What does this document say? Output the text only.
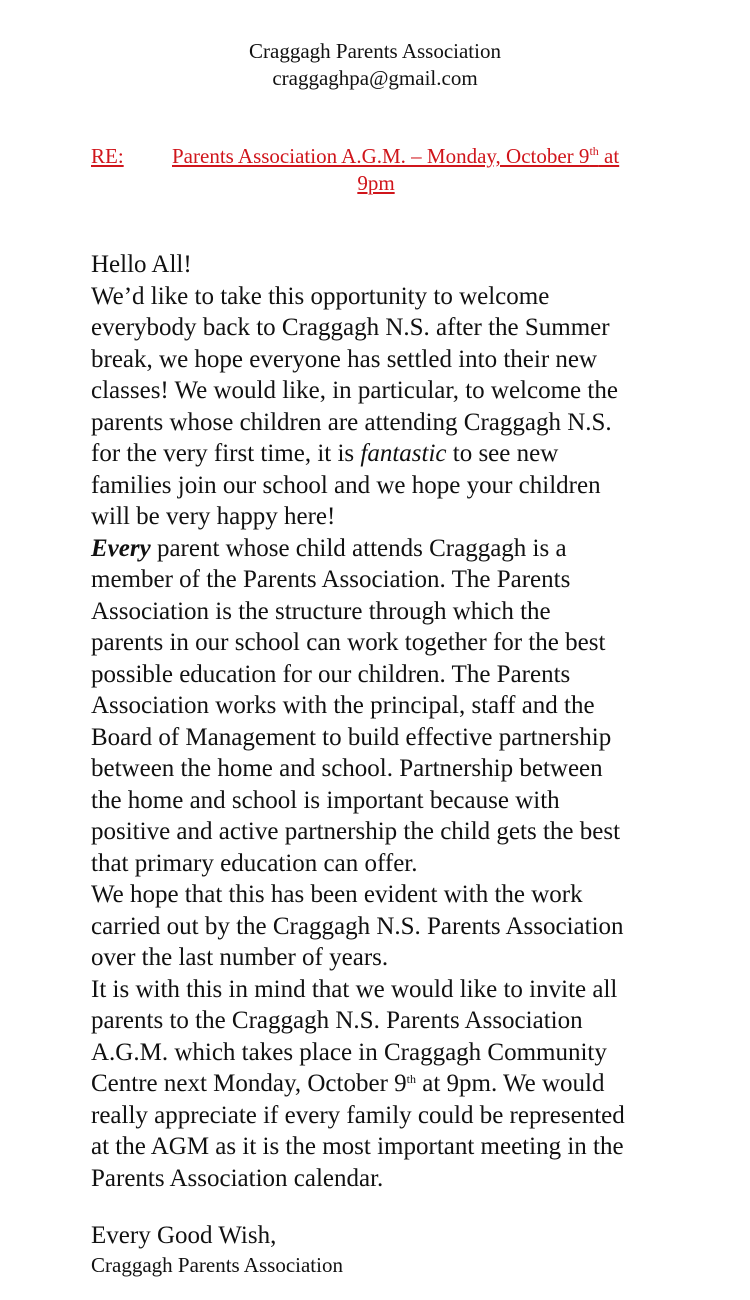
Craggagh Parents Association
craggaghpa@gmail.com
RE: Parents Association A.G.M. – Monday, October 9th at
9pm
Hello All!
We’d like to take this opportunity to welcome
everybody back to Craggagh N.S. after the Summer
break, we hope everyone has settled into their new
classes! We would like, in particular, to welcome the
parents whose children are attending Craggagh N.S.
for the very first time, it is fantastic to see new
families join our school and we hope your children
will be very happy here!
Every parent whose child attends Craggagh is a
member of the Parents Association. The Parents
Association is the structure through which the
parents in our school can work together for the best
possible education for our children. The Parents
Association works with the principal, staff and the
Board of Management to build effective partnership
between the home and school. Partnership between
the home and school is important because with
positive and active partnership the child gets the best
that primary education can offer.
We hope that this has been evident with the work
carried out by the Craggagh N.S. Parents Association
over the last number of years.
It is with this in mind that we would like to invite all
parents to the Craggagh N.S. Parents Association
A.G.M. which takes place in Craggagh Community
Centre next Monday, October 9th at 9pm. We would
really appreciate if every family could be represented
at the AGM as it is the most important meeting in the
Parents Association calendar.
Every Good Wish,
Craggagh Parents Association
